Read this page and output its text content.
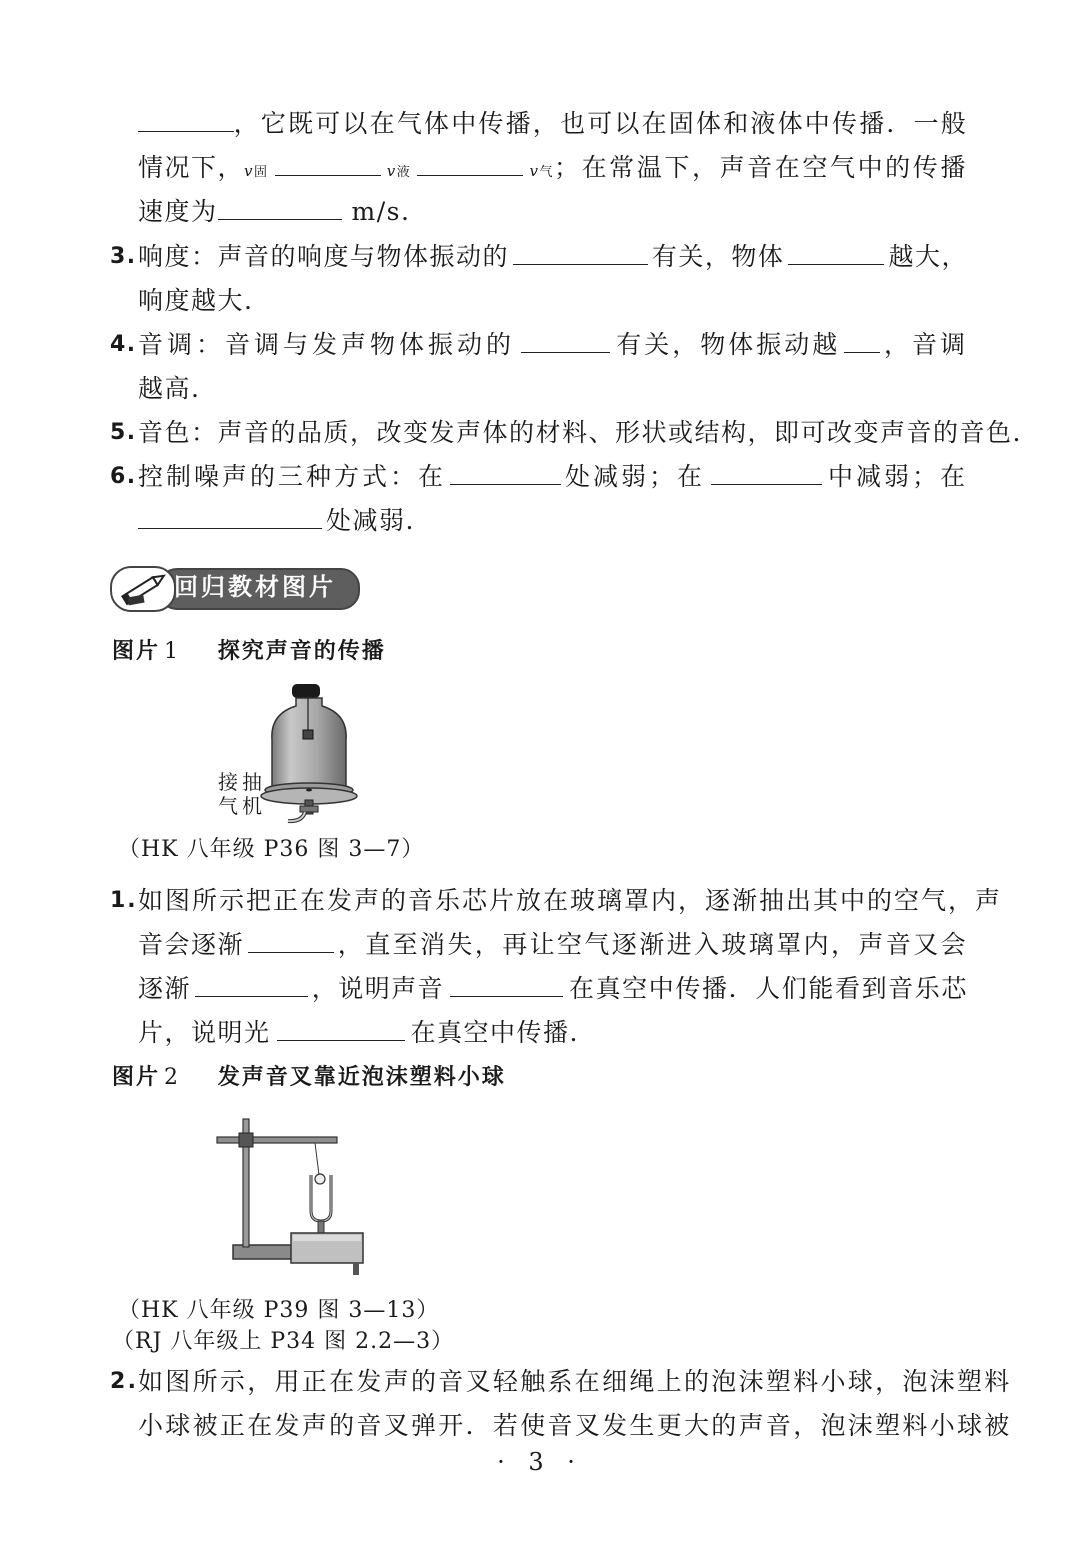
，它既可以在气体中传播，也可以在固体和液体中传播．一般
情况下， v固	v液	v气 ；在常温下，声音在空气中的传播
速度为	m/s.
3. 响度：声音的响度与物体振动的	有关，物体	越大，
响度越大.
4. 音调：音调与发声物体振动的	有关，物体振动越 ，音调
越高.
5. 音色：声音的品质，改变发声体的材料、形状或结构，即可改变声音的音色.
6. 控制噪声的三种方式：在	处减弱；在	中减弱；在
处减弱.
回归教材图片
图片 1 探究声音的传播
接抽
气机
（HK 八年级 P36 图 3—7）
1. 如图所示把正在发声的音乐芯片放在玻璃罩内，逐渐抽出其中的空气，声
音会逐渐	，直至消失，再让空气逐渐进入玻璃罩内，声音又会
逐渐	，说明声音	在真空中传播．人们能看到音乐芯
片，说明光	在真空中传播.
图片 2 发声音叉靠近泡沫塑料小球
（HK 八年级 P39 图 3—13）
（RJ 八年级上 P34 图 2.2—3）
2. 如图所示，用正在发声的音叉轻触系在细绳上的泡沫塑料小球，泡沫塑料
小球被正在发声的音叉弹开．若使音叉发生更大的声音，泡沫塑料小球被
· 3 ·
